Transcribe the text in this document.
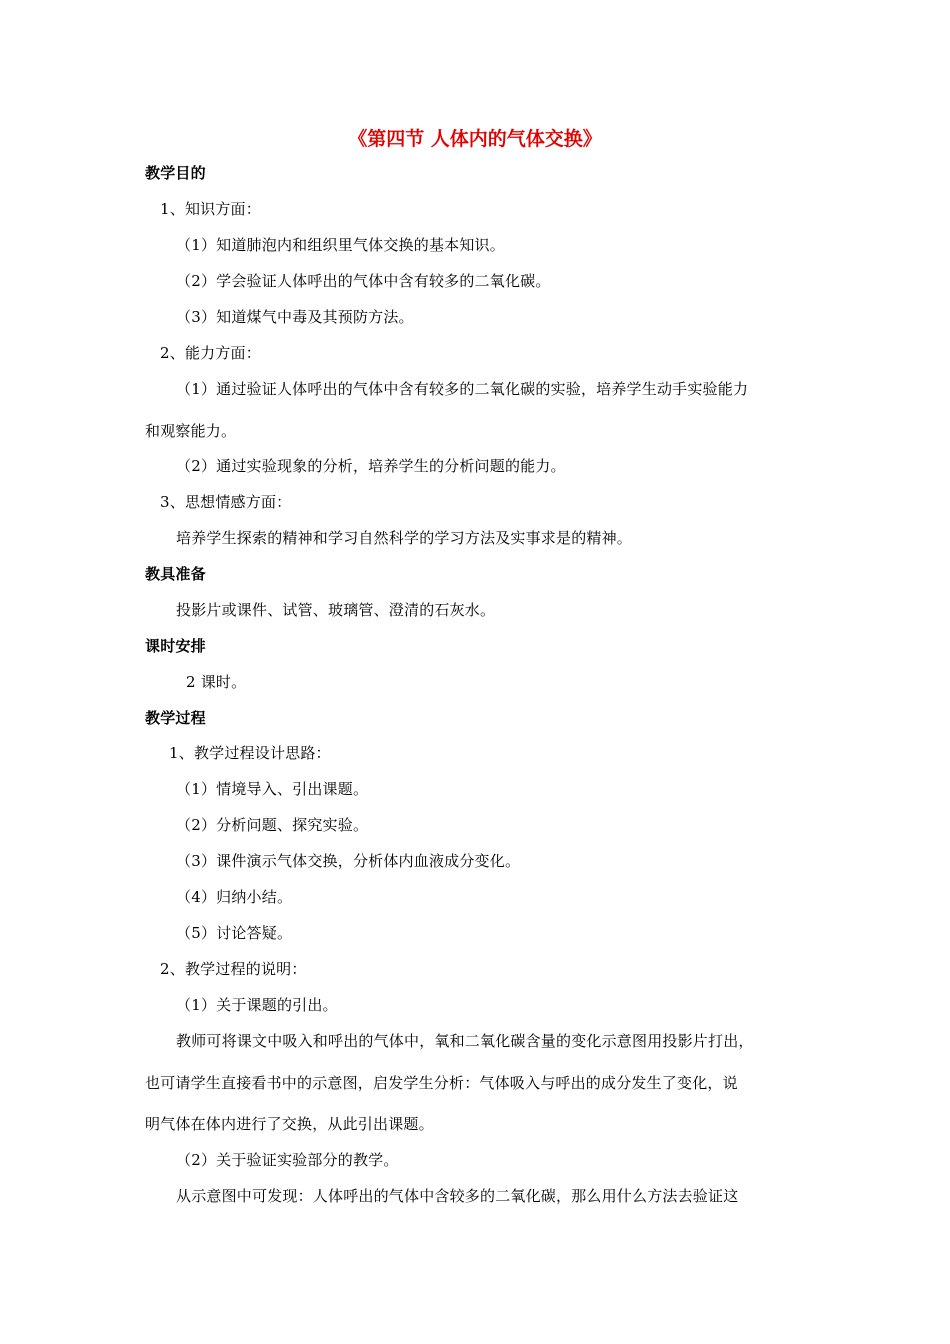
《第四节 人体内的气体交换》
教学目的
1、知识方面：
（1）知道肺泡内和组织里气体交换的基本知识。
（2）学会验证人体呼出的气体中含有较多的二氧化碳。
（3）知道煤气中毒及其预防方法。
2、能力方面：
（1）通过验证人体呼出的气体中含有较多的二氧化碳的实验，培养学生动手实验能力
和观察能力。
（2）通过实验现象的分析，培养学生的分析问题的能力。
3、思想情感方面：
培养学生探索的精神和学习自然科学的学习方法及实事求是的精神。
教具准备
投影片或课件、试管、玻璃管、澄清的石灰水。
课时安排
2 课时。
教学过程
1、教学过程设计思路：
（1）情境导入、引出课题。
（2）分析问题、探究实验。
（3）课件演示气体交换，分析体内血液成分变化。
（4）归纳小结。
（5）讨论答疑。
2、教学过程的说明：
（1）关于课题的引出。
教师可将课文中吸入和呼出的气体中，氧和二氧化碳含量的变化示意图用投影片打出，
也可请学生直接看书中的示意图，启发学生分析：气体吸入与呼出的成分发生了变化，说
明气体在体内进行了交换，从此引出课题。
（2）关于验证实验部分的教学。
从示意图中可发现：人体呼出的气体中含较多的二氧化碳，那么用什么方法去验证这
